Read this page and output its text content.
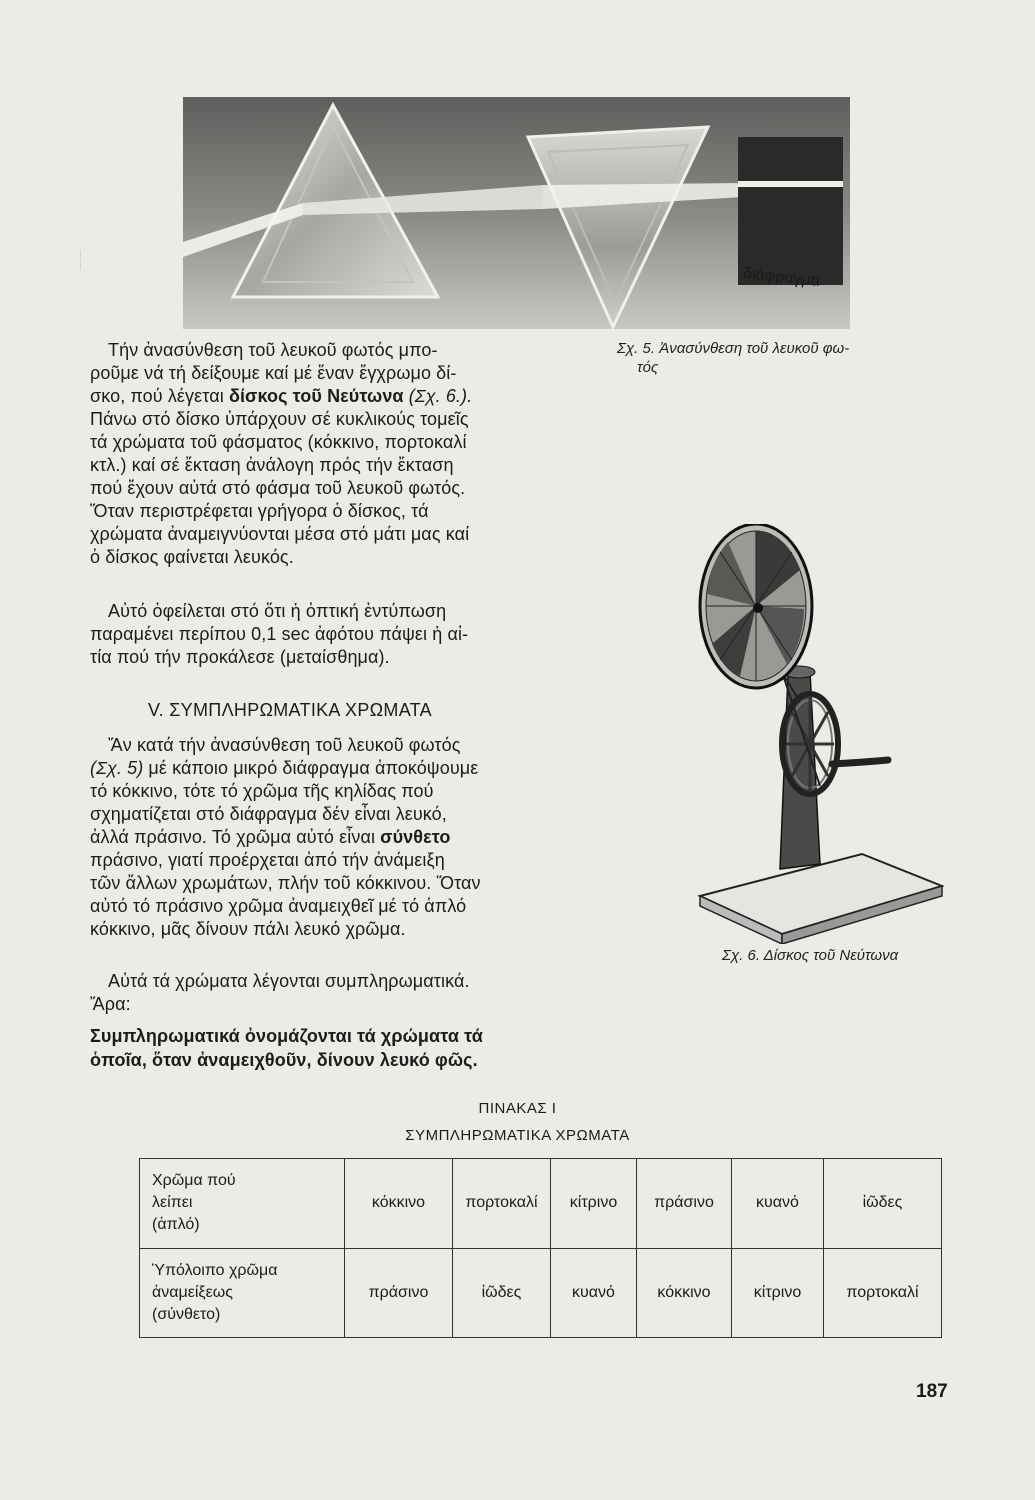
διάφραγμα
Σχ. 5. Ἀνασύνθεση τοῦ λευκοῦ φω-
τός

Τήν ἀνασύνθεση τοῦ λευκοῦ φωτός μπο-

ροῦμε νά τή δείξουμε καί μέ ἕναν ἔγχρωμο δί-

σκο, πού λέγεται δίσκος τοῦ Νεύτωνα (Σχ. 6.).

Πάνω στό δίσκο ὑπάρχουν σέ κυκλικούς τομεῖς

τά χρώματα τοῦ φάσματος (κόκκινο, πορτοκαλί

κτλ.) καί σέ ἔκταση ἀνάλογη πρός τήν ἔκταση

πού ἔχουν αὐτά στό φάσμα τοῦ λευκοῦ φωτός.

Ὅταν περιστρέφεται γρήγορα ὁ δίσκος, τά

χρώματα ἀναμειγνύονται μέσα στό μάτι μας καί

ὁ δίσκος φαίνεται λευκός.

Αὐτό ὀφείλεται στό ὅτι ἡ ὀπτική ἐντύπωση

παραμένει περίπου 0,1 sec ἀφότου πάψει ἡ αἰ-

τία πού τήν προκάλεσε (μεταίσθημα).

V. ΣΥΜΠΛΗΡΩΜΑΤΙΚΑ ΧΡΩΜΑΤΑ

Ἄν κατά τήν ἀνασύνθεση τοῦ λευκοῦ φωτός

(Σχ. 5) μέ κάποιο μικρό διάφραγμα ἀποκόψουμε

τό κόκκινο, τότε τό χρῶμα τῆς κηλίδας πού

σχηματίζεται στό διάφραγμα δέν εἶναι λευκό,

ἀλλά πράσινο. Τό χρῶμα αὐτό εἶναι σύνθετο

πράσινο, γιατί προέρχεται ἀπό τήν ἀνάμειξη

τῶν ἄλλων χρωμάτων, πλήν τοῦ κόκκινου. Ὅταν

αὐτό τό πράσινο χρῶμα ἀναμειχθεῖ μέ τό ἁπλό

κόκκινο, μᾶς δίνουν πάλι λευκό χρῶμα.

Αὐτά τά χρώματα λέγονται συμπληρωματικά.

Ἄρα:

Συμπληρωματικά ὀνομάζονται τά χρώματα τά

ὁποῖα, ὅταν ἀναμειχθοῦν, δίνουν λευκό φῶς.

Σχ. 6. Δίσκος τοῦ Νεύτωνα
ΠΙΝΑΚΑΣ Ι
ΣΥΜΠΛΗΡΩΜΑΤΙΚΑ ΧΡΩΜΑΤΑ
Χρῶμα πού
λείπει
(ἁπλό)	κόκκινο	πορτοκαλί	κίτρινο	πράσινο	κυανό	ἰῶδες

Ὑπόλοιπο χρῶμα
ἀναμείξεως
(σύνθετο)	πράσινο	ἰῶδες	κυανό	κόκκινο	κίτρινο	πορτοκαλί
187
